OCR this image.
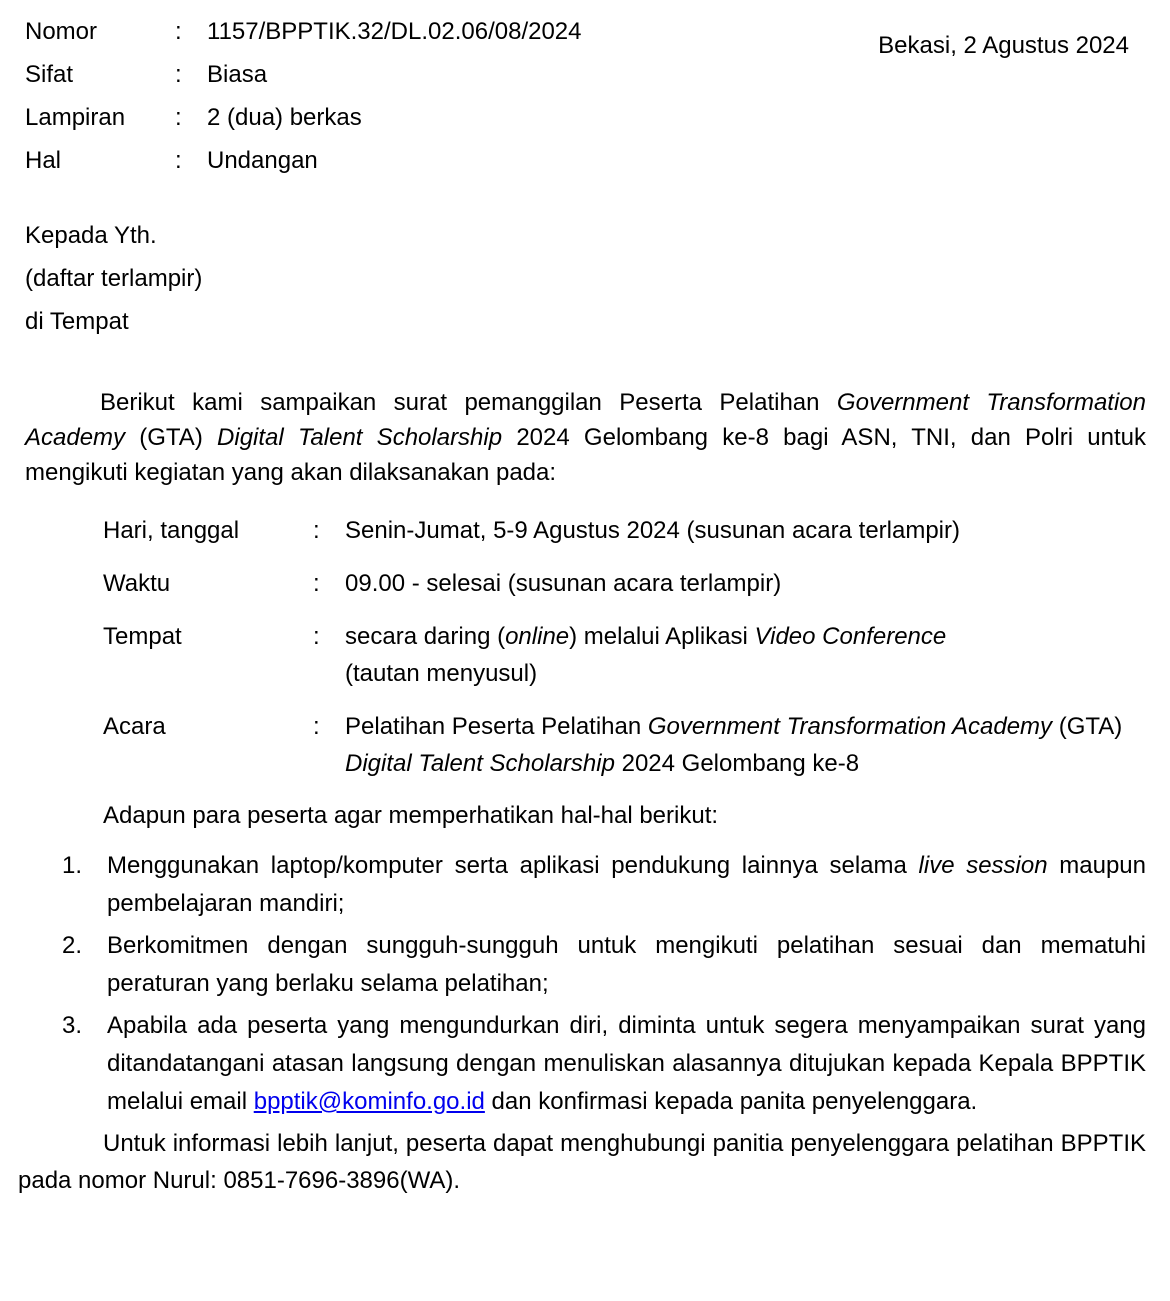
Nomor	:	1157/BPPTIK.32/DL.02.06/08/2024
Sifat	:	Biasa
Lampiran	:	2 (dua) berkas
Hal	:	Undangan
Bekasi, 2 Agustus 2024
Kepada Yth.
(daftar terlampir)
di Tempat
Berikut kami sampaikan surat pemanggilan Peserta Pelatihan Government Transformation Academy (GTA) Digital Talent Scholarship 2024 Gelombang ke-8 bagi ASN, TNI, dan Polri untuk mengikuti kegiatan yang akan dilaksanakan pada:
Hari, tanggal	:	Senin-Jumat, 5-9 Agustus 2024 (susunan acara terlampir)
Waktu	:	09.00 - selesai (susunan acara terlampir)
Tempat	:	secara daring (online) melalui Aplikasi Video Conference
(tautan menyusul)
Acara	:	Pelatihan Peserta Pelatihan Government Transformation Academy (GTA) Digital Talent Scholarship 2024 Gelombang ke-8
Adapun para peserta agar memperhatikan hal-hal berikut:
1.	Menggunakan laptop/komputer serta aplikasi pendukung lainnya selama live session maupun pembelajaran mandiri;
2.	Berkomitmen dengan sungguh-sungguh untuk mengikuti pelatihan sesuai dan mematuhi peraturan yang berlaku selama pelatihan;
3.	Apabila ada peserta yang mengundurkan diri, diminta untuk segera menyampaikan surat yang ditandatangani atasan langsung dengan menuliskan alasannya ditujukan kepada Kepala BPPTIK melalui email bpptik@kominfo.go.id dan konfirmasi kepada panita penyelenggara.
Untuk informasi lebih lanjut, peserta dapat menghubungi panitia penyelenggara pelatihan BPPTIK pada nomor Nurul: 0851-7696-3896(WA).
